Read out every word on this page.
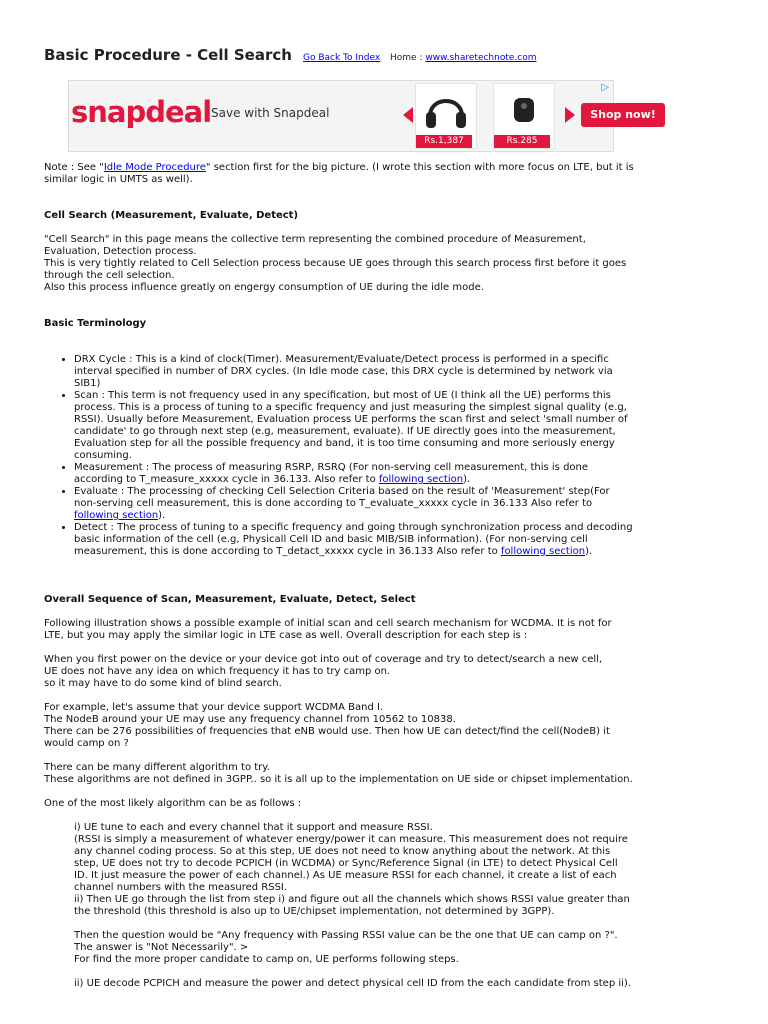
Basic Procedure - Cell Search Go Back To Index Home : www.sharetechnote.com
snapdeal Save with Snapdeal
Rs.1,387	Rs.285
Shop now!
▷

Note : See "Idle Mode Procedure" section first for the big picture. (I wrote this section with more focus on LTE, but it is similar logic in UMTS as well).

Cell Search (Measurement, Evaluate, Detect)

"Cell Search" in this page means the collective term representing the combined procedure of Measurement, Evaluation, Detection process.
This is very tightly related to Cell Selection process because UE goes through this search process first before it goes through the cell selection.
Also this process influence greatly on engergy consumption of UE during the idle mode.

Basic Terminology

• DRX Cycle : This is a kind of clock(Timer). Measurement/Evaluate/Detect process is performed in a specific interval specified in number of DRX cycles. (In Idle mode case, this DRX cycle is determined by network via SIB1)
• Scan : This term is not frequency used in any specification, but most of UE (I think all the UE) performs this process. This is a process of tuning to a specific frequency and just measuring the simplest signal quality (e.g, RSSI). Usually before Measurement, Evaluation process UE performs the scan first and select 'small number of candidate' to go through next step (e.g, measurement, evaluate). If UE directly goes into the measurement, Evaluation step for all the possible frequency and band, it is too time consuming and more seriously energy consuming.
• Measurement : The process of measuring RSRP, RSRQ (For non-serving cell measurement, this is done according to T_measure_xxxxx cycle in 36.133. Also refer to following section).
• Evaluate : The processing of checking Cell Selection Criteria based on the result of 'Measurement' step(For non-serving cell measurement, this is done according to T_evaluate_xxxxx cycle in 36.133 Also refer to following section).
• Detect : The process of tuning to a specific frequency and going through synchronization process and decoding basic information of the cell (e.g, Physicall Cell ID and basic MIB/SIB information). (For non-serving cell measurement, this is done according to T_detact_xxxxx cycle in 36.133 Also refer to following section).

Overall Sequence of Scan, Measurement, Evaluate, Detect, Select

Following illustration shows a possible example of initial scan and cell search mechanism for WCDMA. It is not for LTE, but you may apply the similar logic in LTE case as well. Overall description for each step is :

When you first power on the device or your device got into out of coverage and try to detect/search a new cell,
UE does not have any idea on which frequency it has to try camp on.
so it may have to do some kind of blind search.

For example, let's assume that your device support WCDMA Band I.
The NodeB around your UE may use any frequency channel from 10562 to 10838.
There can be 276 possibilities of frequencies that eNB would use. Then how UE can detect/find the cell(NodeB) it would camp on ?

There can be many different algorithm to try.
These algorithms are not defined in 3GPP.. so it is all up to the implementation on UE side or chipset implementation.

One of the most likely algorithm can be as follows :

i) UE tune to each and every channel that it support and measure RSSI.
(RSSI is simply a measurement of whatever energy/power it can measure. This measurement does not require any channel coding process. So at this step, UE does not need to know anything about the network. At this step, UE does not try to decode PCPICH (in WCDMA) or Sync/Reference Signal (in LTE) to detect Physical Cell ID. It just measure the power of each channel.) As UE measure RSSI for each channel, it create a list of each channel numbers with the measured RSSI.
ii) Then UE go through the list from step i) and figure out all the channels which shows RSSI value greater than the threshold (this threshold is also up to UE/chipset implementation, not determined by 3GPP).

Then the question would be "Any frequency with Passing RSSI value can be the one that UE can camp on ?".
The answer is "Not Necessarily". >
For find the more proper candidate to camp on, UE performs following steps.

ii) UE decode PCPICH and measure the power and detect physical cell ID from the each candidate from step ii).
